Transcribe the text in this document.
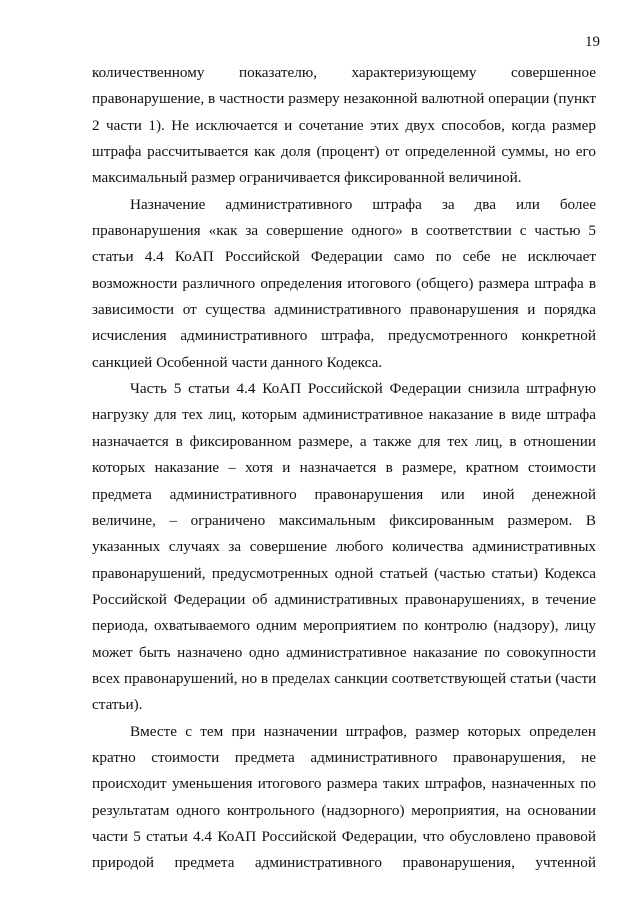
19
количественному показателю, характеризующему совершенное
правонарушение, в частности размеру незаконной валютной операции (пункт
2 части 1). Не исключается и сочетание этих двух способов, когда размер
штрафа рассчитывается как доля (процент) от определенной суммы, но его
максимальный размер ограничивается фиксированной величиной.
Назначение административного штрафа за два или более
правонарушения «как за совершение одного» в соответствии с частью 5
статьи 4.4 КоАП Российской Федерации само по себе не исключает
возможности различного определения итогового (общего) размера штрафа в
зависимости от существа административного правонарушения и порядка
исчисления административного штрафа, предусмотренного конкретной
санкцией Особенной части данного Кодекса.
Часть 5 статьи 4.4 КоАП Российской Федерации снизила штрафную
нагрузку для тех лиц, которым административное наказание в виде штрафа
назначается в фиксированном размере, а также для тех лиц, в отношении
которых наказание – хотя и назначается в размере, кратном стоимости
предмета административного правонарушения или иной денежной
величине, – ограничено максимальным фиксированным размером. В
указанных случаях за совершение любого количества административных
правонарушений, предусмотренных одной статьей (частью статьи) Кодекса
Российской Федерации об административных правонарушениях, в течение
периода, охватываемого одним мероприятием по контролю (надзору), лицу
может быть назначено одно административное наказание по совокупности
всех правонарушений, но в пределах санкции соответствующей статьи (части
статьи).
Вместе с тем при назначении штрафов, размер которых определен
кратно стоимости предмета административного правонарушения, не
происходит уменьшения итогового размера таких штрафов, назначенных по
результатам одного контрольного (надзорного) мероприятия, на основании
части 5 статьи 4.4 КоАП Российской Федерации, что обусловлено правовой
природой предмета административного правонарушения, учтенной
